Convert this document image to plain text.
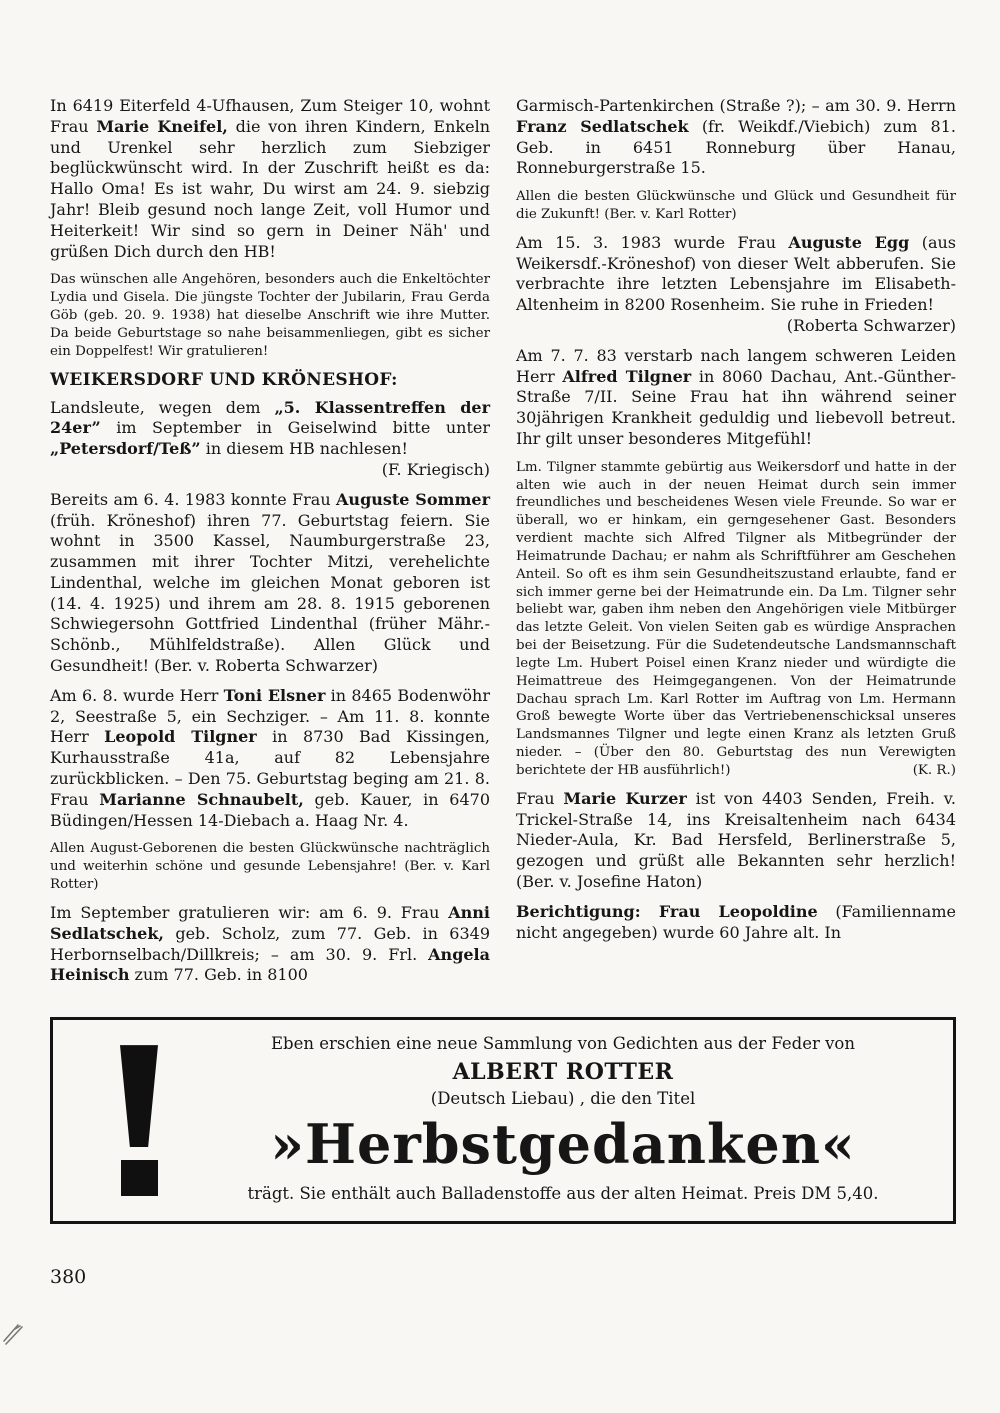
In 6419 Eiterfeld 4-Ufhausen, Zum Steiger 10, wohnt Frau Marie Kneifel, die von ihren Kindern, Enkeln und Urenkel sehr herzlich zum Siebziger beglückwünscht wird. In der Zuschrift heißt es da: Hallo Oma! Es ist wahr, Du wirst am 24. 9. siebzig Jahr! Bleib gesund noch lange Zeit, voll Humor und Heiterkeit! Wir sind so gern in Deiner Näh' und grüßen Dich durch den HB!

Das wünschen alle Angehören, besonders auch die Enkeltöchter Lydia und Gisela. Die jüngste Tochter der Jubilarin, Frau Gerda Göb (geb. 20. 9. 1938) hat dieselbe Anschrift wie ihre Mutter. Da beide Geburtstage so nahe beisammenliegen, gibt es sicher ein Doppelfest! Wir gratulieren!

WEIKERSDORF UND KRÖNESHOF:

Landsleute, wegen dem „5. Klassentreffen der 24er” im September in Geiselwind bitte unter „Petersdorf/Teß” in diesem HB nachlesen!
(F. Kriegisch)

Bereits am 6. 4. 1983 konnte Frau Auguste Sommer (früh. Kröneshof) ihren 77. Geburtstag feiern. Sie wohnt in 3500 Kassel, Naumburgerstraße 23, zusammen mit ihrer Tochter Mitzi, verehelichte Lindenthal, welche im gleichen Monat geboren ist (14. 4. 1925) und ihrem am 28. 8. 1915 geborenen Schwiegersohn Gottfried Lindenthal (früher Mähr.-Schönb., Mühlfeldstraße). Allen Glück und Gesundheit! (Ber. v. Roberta Schwarzer)

Am 6. 8. wurde Herr Toni Elsner in 8465 Bodenwöhr 2, Seestraße 5, ein Sechziger. – Am 11. 8. konnte Herr Leopold Tilgner in 8730 Bad Kissingen, Kurhausstraße 41a, auf 82 Lebensjahre zurückblicken. – Den 75. Geburtstag beging am 21. 8. Frau Marianne Schnaubelt, geb. Kauer, in 6470 Büdingen/Hessen 14-Diebach a. Haag Nr. 4.

Allen August-Geborenen die besten Glückwünsche nachträglich und weiterhin schöne und gesunde Lebensjahre! (Ber. v. Karl Rotter)

Im September gratulieren wir: am 6. 9. Frau Anni Sedlatschek, geb. Scholz, zum 77. Geb. in 6349 Herbornselbach/Dillkreis; – am 30. 9. Frl. Angela Heinisch zum 77. Geb. in 8100

Garmisch-Partenkirchen (Straße ?); – am 30. 9. Herrn Franz Sedlatschek (fr. Weikdf./Viebich) zum 81. Geb. in 6451 Ronneburg über Hanau, Ronneburgerstraße 15.

Allen die besten Glückwünsche und Glück und Gesundheit für die Zukunft! (Ber. v. Karl Rotter)

Am 15. 3. 1983 wurde Frau Auguste Egg (aus Weikersdf.-Kröneshof) von dieser Welt abberufen. Sie verbrachte ihre letzten Lebensjahre im Elisabeth-Altenheim in 8200 Rosenheim. Sie ruhe in Frieden!
(Roberta Schwarzer)

Am 7. 7. 83 verstarb nach langem schweren Leiden Herr Alfred Tilgner in 8060 Dachau, Ant.-Günther-Straße 7/II. Seine Frau hat ihn während seiner 30jährigen Krankheit geduldig und liebevoll betreut. Ihr gilt unser besonderes Mitgefühl!

Lm. Tilgner stammte gebürtig aus Weikersdorf und hatte in der alten wie auch in der neuen Heimat durch sein immer freundliches und bescheidenes Wesen viele Freunde. So war er überall, wo er hinkam, ein gerngesehener Gast. Besonders verdient machte sich Alfred Tilgner als Mitbegründer der Heimatrunde Dachau; er nahm als Schriftführer am Geschehen Anteil. So oft es ihm sein Gesundheitszustand erlaubte, fand er sich immer gerne bei der Heimatrunde ein. Da Lm. Tilgner sehr beliebt war, gaben ihm neben den Angehörigen viele Mitbürger das letzte Geleit. Von vielen Seiten gab es würdige Ansprachen bei der Beisetzung. Für die Sudetendeutsche Landsmannschaft legte Lm. Hubert Poisel einen Kranz nieder und würdigte die Heimattreue des Heimgegangenen. Von der Heimatrunde Dachau sprach Lm. Karl Rotter im Auftrag von Lm. Hermann Groß bewegte Worte über das Vertriebenenschicksal unseres Landsmannes Tilgner und legte einen Kranz als letzten Gruß nieder. – (Über den 80. Geburtstag des nun Verewigten berichtete der HB ausführlich!)	(K. R.)

Frau Marie Kurzer ist von 4403 Senden, Freih. v. Trickel-Straße 14, ins Kreisaltenheim nach 6434 Nieder-Aula, Kr. Bad Hersfeld, Berlinerstraße 5, gezogen und grüßt alle Bekannten sehr herzlich! (Ber. v. Josefine Haton)

Berichtigung: Frau Leopoldine (Familienname nicht angegeben) wurde 60 Jahre alt. In

Eben erschien eine neue Sammlung von Gedichten aus der Feder von

ALBERT ROTTER

(Deutsch Liebau) , die den Titel

»Herbstgedanken«

trägt. Sie enthält auch Balladenstoffe aus der alten Heimat. Preis DM 5,40.

380
